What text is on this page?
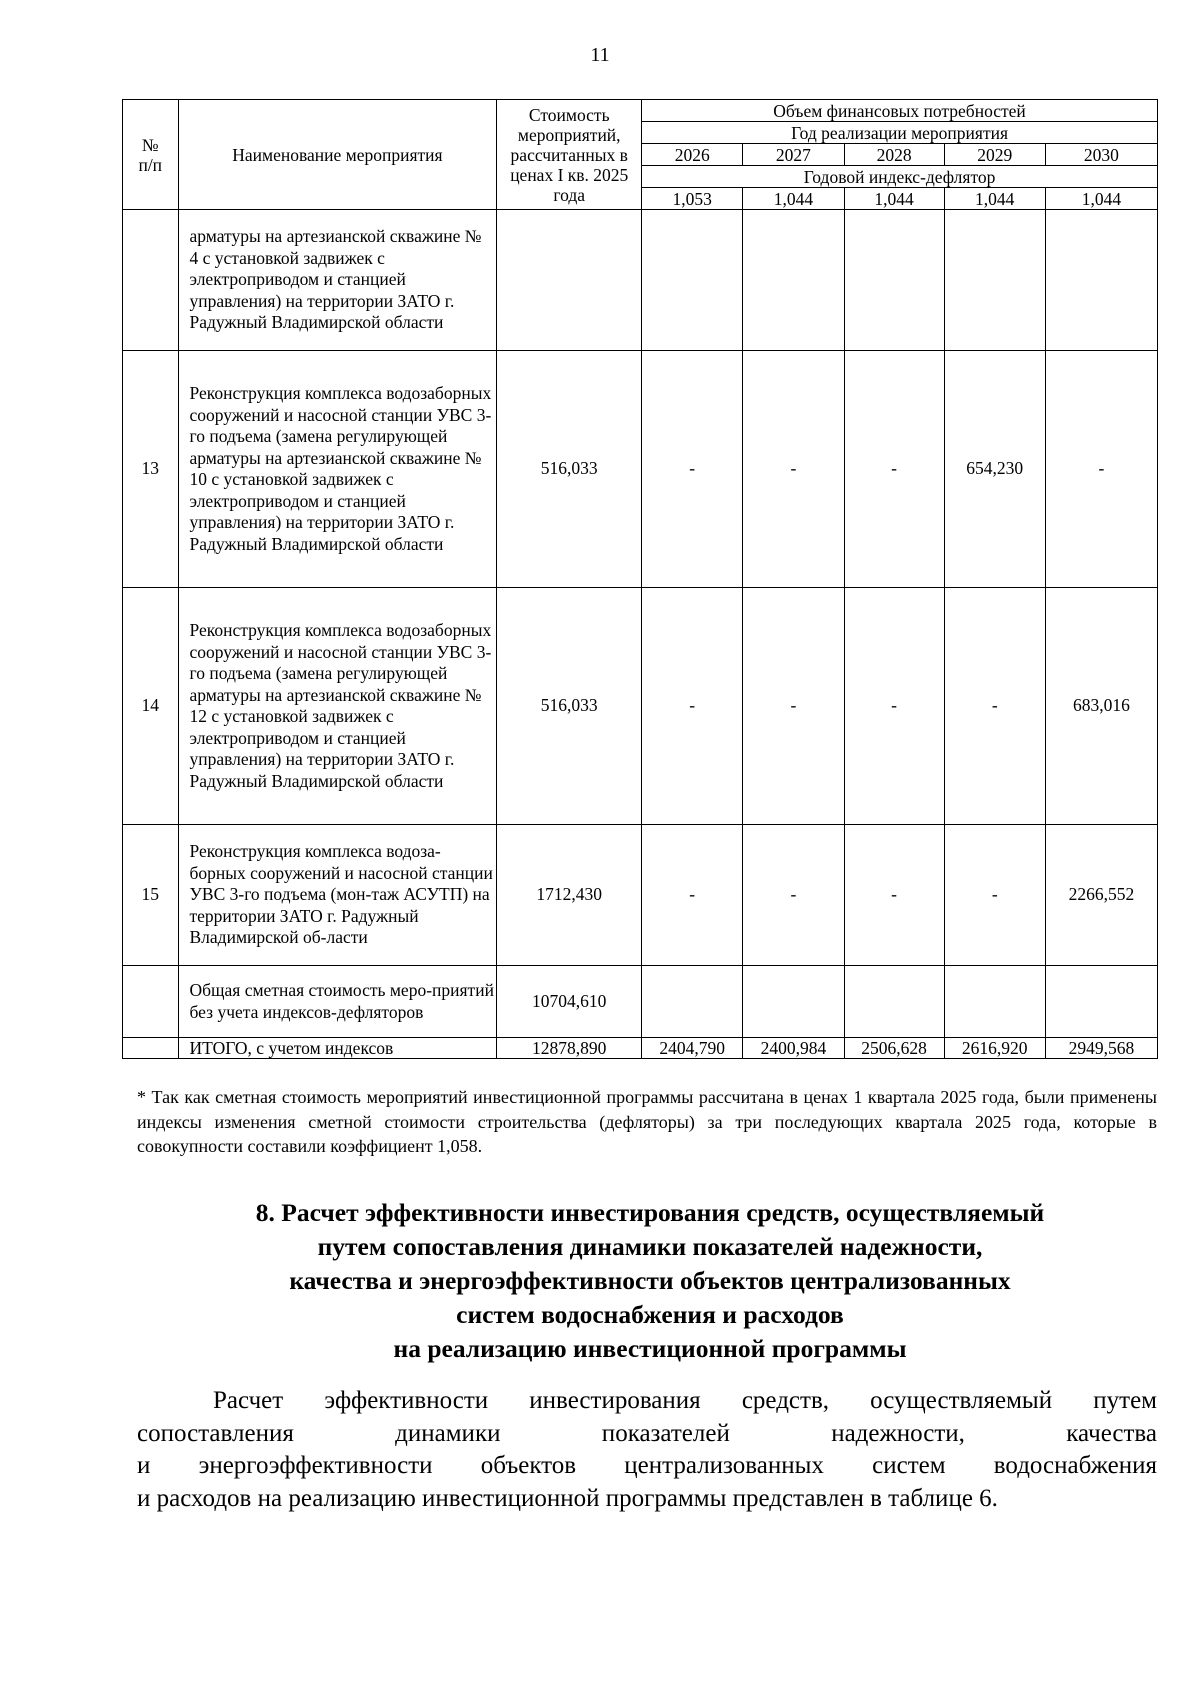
11
№ п/п	Наименование мероприятия	Стоимость мероприятий, рассчитанных в ценах I кв. 2025 года	Объем финансовых потребностей				
			Год реализации мероприятия				
			2026	2027	2028	2029	2030
			Годовой индекс-дефлятор				
			1,053	1,044	1,044	1,044	1,044
	арматуры на артезианской скважине № 4 с установкой задвижек с электроприводом и станцией управления) на территории ЗАТО г. Радужный Владимирской области						
13	Реконструкция комплекса водозаборных сооружений и насосной станции УВС 3-го подъема (замена регулирующей арматуры на артезианской скважине № 10 с установкой задвижек с электроприводом и станцией управления) на территории ЗАТО г. Радужный Владимирской области	516,033	-	-	-	654,230	-
14	Реконструкция комплекса водозаборных сооружений и насосной станции УВС 3-го подъема (замена регулирующей арматуры на артезианской скважине № 12 с установкой задвижек с электроприводом и станцией управления) на территории ЗАТО г. Радужный Владимирской области	516,033	-	-	-	-	683,016
15	Реконструкция комплекса водоза-борных сооружений и насосной станции УВС 3-го подъема (мон-таж АСУТП) на территории ЗАТО г. Радужный Владимирской об-ласти	1712,430	-	-	-	-	2266,552
	Общая сметная стоимость меро-приятий без учета индексов-дефляторов	10704,610					
	ИТОГО, с учетом индексов	12878,890	2404,790	2400,984	2506,628	2616,920	2949,568
* Так как сметная стоимость мероприятий инвестиционной программы рассчитана в ценах 1 квартала 2025 года, были применены индексы изменения сметной стоимости строительства (дефляторы) за три последующих квартала 2025 года, которые в совокупности составили коэффициент 1,058.
8. Расчет эффективности инвестирования средств, осуществляемый
путем сопоставления динамики показателей надежности,
качества и энергоэффективности объектов централизованных
систем водоснабжения и расходов
на реализацию инвестиционной программы
Расчет эффективности инвестирования средств, осуществляемый путем
сопоставления динамики показателей надежности, качества
и энергоэффективности объектов централизованных систем водоснабжения
и расходов на реализацию инвестиционной программы представлен в таблице 6.
